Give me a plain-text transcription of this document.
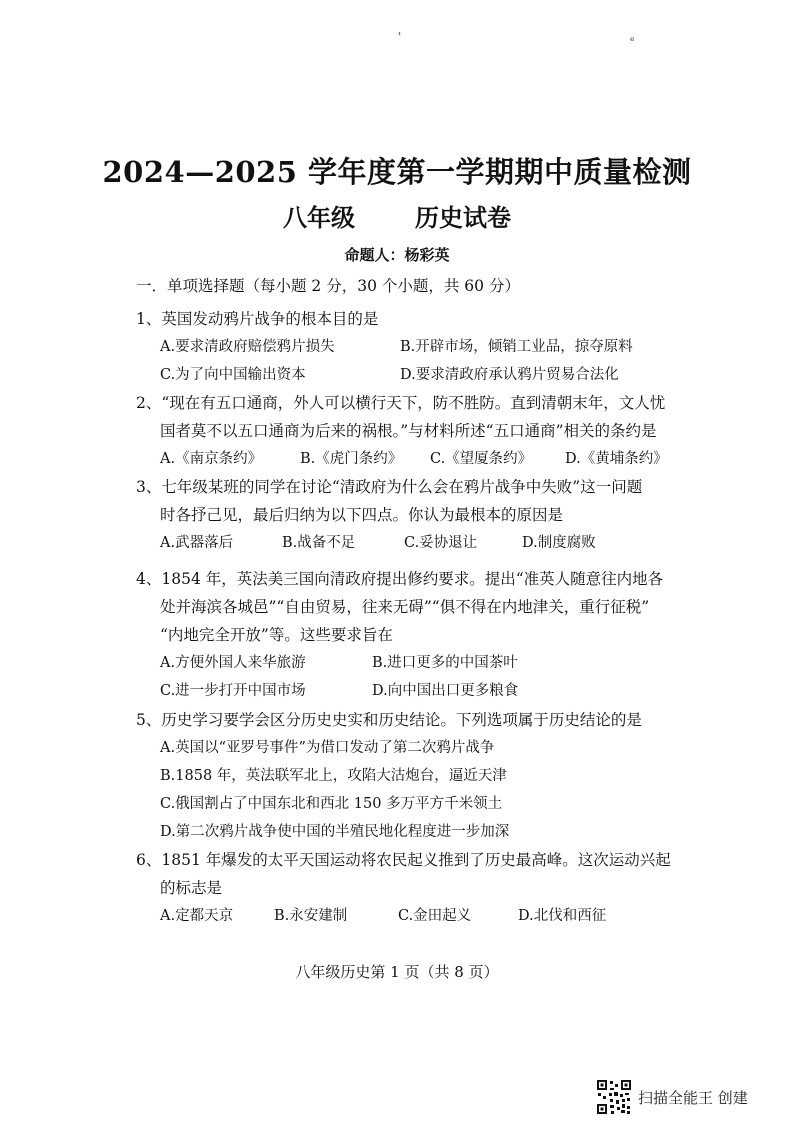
ʿ	ᵉ
2024—2025 学年度第一学期期中质量检测
八年级	历史试卷
命题人：杨彩英
一．单项选择题（每小题 2 分，30 个小题，共 60 分）
1、英国发动鸦片战争的根本目的是
A.要求清政府赔偿鸦片损失	B.开辟市场，倾销工业品，掠夺原料
C.为了向中国输出资本	D.要求清政府承认鸦片贸易合法化
2、“现在有五口通商，外人可以横行天下，防不胜防。直到清朝末年，文人忧
国者莫不以五口通商为后来的祸根。”与材料所述“五口通商”相关的条约是
A.《南京条约》	B.《虎门条约》	C.《望厦条约》	D.《黄埔条约》
3、七年级某班的同学在讨论“清政府为什么会在鸦片战争中失败”这一问题
时各抒己见，最后归纳为以下四点。你认为最根本的原因是
A.武器落后	B.战备不足	C.妥协退让	D.制度腐败
4、1854 年，英法美三国向清政府提出修约要求。提出“准英人随意往内地各
处并海滨各城邑”“自由贸易，往来无碍”“俱不得在内地津关，重行征税”
“内地完全开放”等。这些要求旨在
A.方便外国人来华旅游	B.进口更多的中国茶叶
C.进一步打开中国市场	D.向中国出口更多粮食
5、历史学习要学会区分历史史实和历史结论。下列选项属于历史结论的是
A.英国以“亚罗号事件”为借口发动了第二次鸦片战争
B.1858 年，英法联军北上，攻陷大沽炮台，逼近天津
C.俄国割占了中国东北和西北 150 多万平方千米领土
D.第二次鸦片战争使中国的半殖民地化程度进一步加深
6、1851 年爆发的太平天国运动将农民起义推到了历史最高峰。这次运动兴起
的标志是
A.定都天京	B.永安建制	C.金田起义	D.北伐和西征
八年级历史第 1 页（共 8 页）
扫描全能王 创建
